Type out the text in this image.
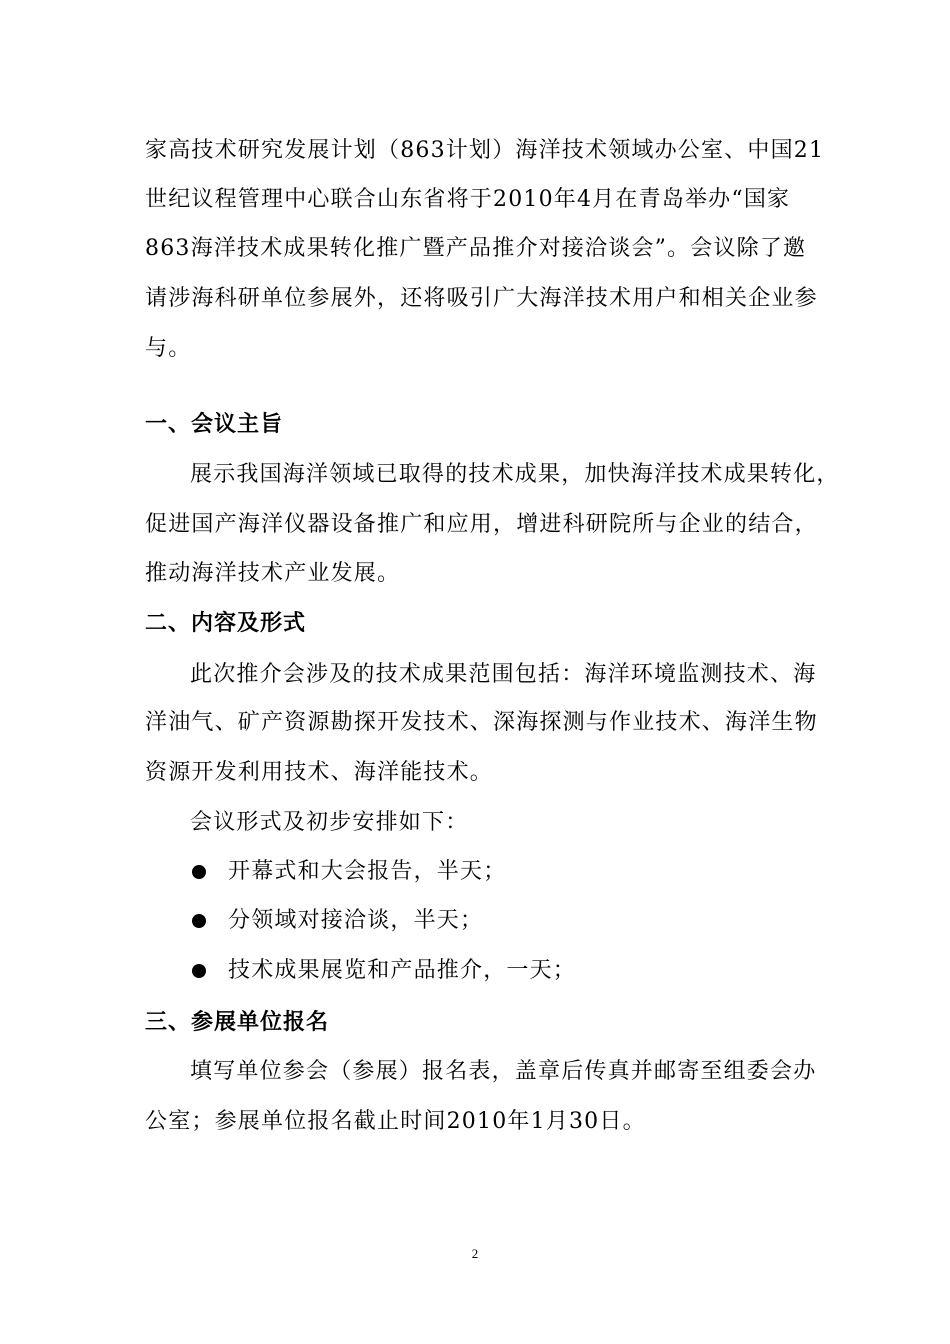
家高技术研究发展计划（863计划）海洋技术领域办公室、中国21
世纪议程管理中心联合山东省将于2010年4月在青岛举办“国家
863海洋技术成果转化推广暨产品推介对接洽谈会”。会议除了邀
请涉海科研单位参展外，还将吸引广大海洋技术用户和相关企业参
与。
一、会议主旨
展示我国海洋领域已取得的技术成果，加快海洋技术成果转化，
促进国产海洋仪器设备推广和应用，增进科研院所与企业的结合，
推动海洋技术产业发展。
二、内容及形式
此次推介会涉及的技术成果范围包括：海洋环境监测技术、海
洋油气、矿产资源勘探开发技术、深海探测与作业技术、海洋生物
资源开发利用技术、海洋能技术。
会议形式及初步安排如下：
开幕式和大会报告，半天；
分领域对接洽谈，半天；
技术成果展览和产品推介，一天；
三、参展单位报名
填写单位参会（参展）报名表，盖章后传真并邮寄至组委会办
公室；参展单位报名截止时间2010年1月30日。
2
